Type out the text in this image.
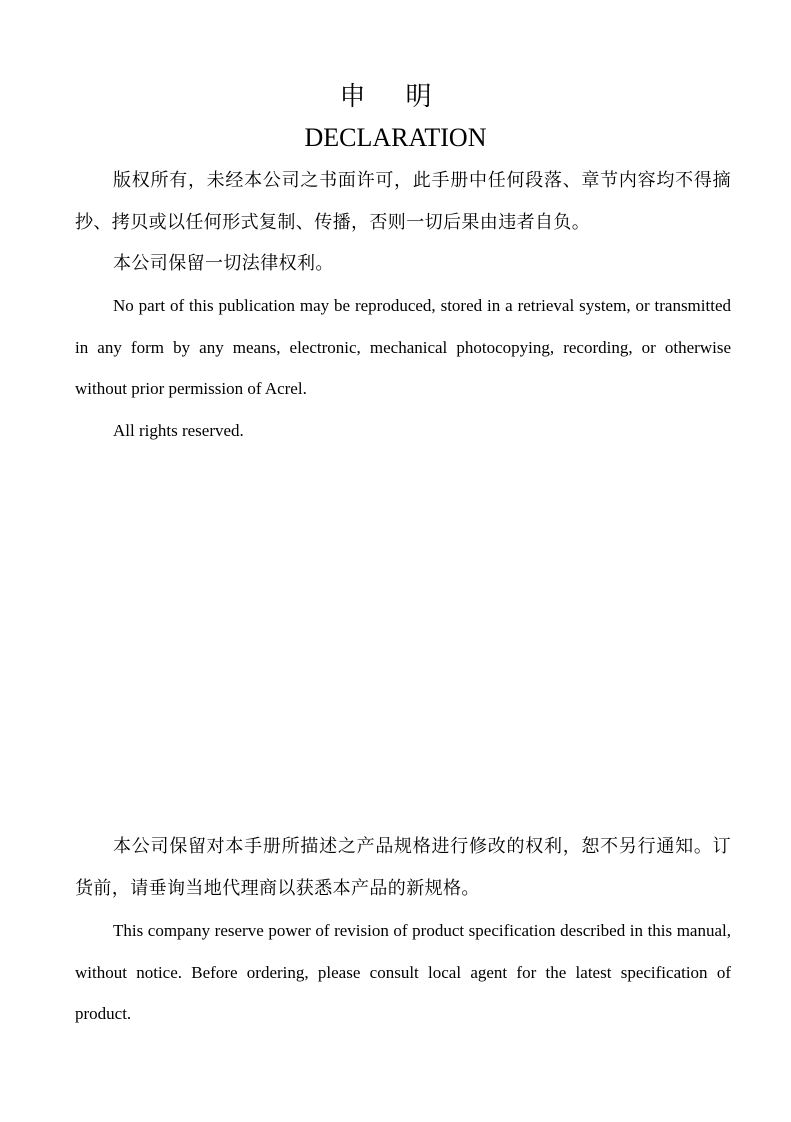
申明
DECLARATION

版权所有，未经本公司之书面许可，此手册中任何段落、章节内容均不得摘抄、拷贝或以任何形式复制、传播，否则一切后果由违者自负。

本公司保留一切法律权利。

No part of this publication may be reproduced, stored in a retrieval system, or transmitted in any form by any means, electronic, mechanical photocopying, recording, or otherwise without prior permission of Acrel.

All rights reserved.

本公司保留对本手册所描述之产品规格进行修改的权利，恕不另行通知。订货前，请垂询当地代理商以获悉本产品的新规格。

This company reserve power of revision of product specification described in this manual, without notice. Before ordering, please consult local agent for the latest specification of product.
